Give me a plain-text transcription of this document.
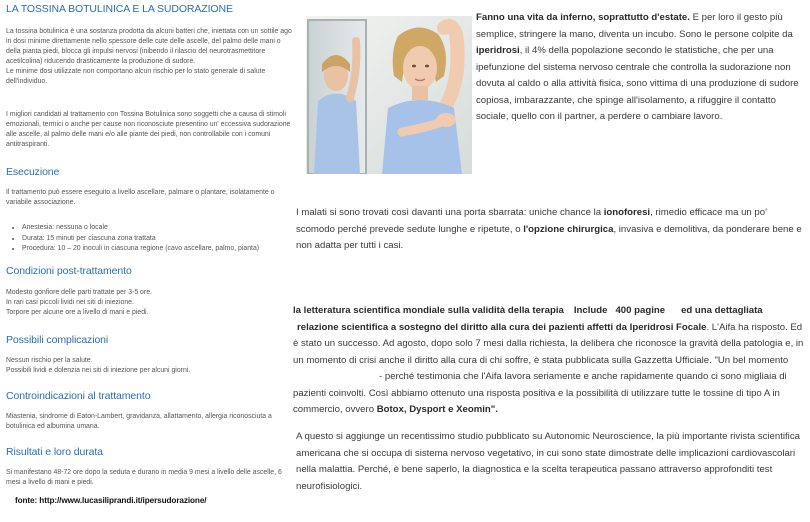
LA TOSSINA BOTULINICA E LA SUDORAZIONE
La tossina botulinica è una sostanza prodotta da alcuni batteri che, iniettata con un sottile ago
in dosi minime direttamente nello spessore delle cute delle ascelle, del palmo delle mani o
della pianta piedi, blocca gli impulsi nervosi (inibendo il rilascio del neurotrasmettitore
acetilcolina) riducendo drasticamente la produzione di sudore.
Le minime dosi utilizzate non comportano alcun rischio per lo stato generale di salute
dell'individuo.
I migliori candidati al trattamento con Tossina Botulinica sono soggetti che a causa di stimoli
emozionali, termici o anche per cause non riconosciute presentino un' eccessiva sudorazione
alle ascelle, al palmo delle mani e/o alle piante dei piedi, non controllabile con i comuni
antitraspiranti.
Esecuzione
Il trattamento può essere eseguito a livello ascellare, palmare o plantare, isolatamente o
variabile associazione.
• Anestesia: nessuna o locale
• Durata: 15 minuti per ciascuna zona trattata
• Procedura: 10 – 20 inoculi in ciascuna regione (cavo ascellare, palmo, pianta)
Condizioni post-trattamento
Modesto gonfiore delle parti trattate per 3-5 ore.
In rari casi piccoli lividi nei siti di iniezione.
Torpore per alcune ore a livello di mani e piedi.
Possibili complicazioni
Nessun rischio per la salute.
Possibili lividi e dolenzia nei siti di iniezione per alcuni giorni.
Controindicazioni al trattamento
Miastenia, sindrome di Eaton-Lambert, gravidanza, allattamento, allergia riconosciuta a
botulinica ed albumina umana.
Risultati e loro durata
Si manifestano 48-72 ore dopo la seduta e durano in media 9 mesi a livello delle ascelle, 6
mesi a livello di mani e piedi.
fonte: http://www.lucasiliprandi.it/ipersudorazione/

Fanno una vita da inferno, soprattutto d'estate. E per loro il gesto più semplice, stringere la mano, diventa un incubo. Sono le persone colpite da iperidrosi, il 4% della popolazione secondo le statistiche, che per una ipefunzione del sistema nervoso centrale che controlla la sudorazione non dovuta al caldo o alla attività fisica, sono vittima di una produzione di sudore copiosa, imbarazzante, che spinge all'isolamento, a rifuggire il contatto sociale, quello con il partner, a perdere o cambiare lavoro.

I malati si sono trovati così davanti una porta sbarrata: uniche chance la ionoforesi, rimedio efficace ma un po' scomodo perché prevede sedute lunghe e ripetute, o l'opzione chirurgica, invasiva e demolitiva, da ponderare bene e non adatta per tutti i casi.

la letteratura scientifica mondiale sulla validità della terapia Include 400 pagine ed una dettagliata
relazione scientifica a sostegno del diritto alla cura dei pazienti affetti da Iperidrosi Focale. L'Aifa ha risposto. Ed è stato un successo. Ad agosto, dopo solo 7 mesi dalla richiesta, la delibera che riconosce la gravità della patologia e, in un momento di crisi anche il diritto alla cura di chi soffre, è stata pubblicata sulla Gazzetta Ufficiale. "Un bel momento- perché testimonia che l'Aifa lavora seriamente e anche rapidamente quando ci sono migliaia di pazienti coinvolti. Così abbiamo ottenuto una risposta positiva e la possibilità di utilizzare tutte le tossine di tipo A in commercio, ovvero Botox, Dysport e Xeomin".

A questo si aggiunge un recentissimo studio pubblicato su Autonomic Neuroscience, la più importante rivista scientifica americana che si occupa di sistema nervoso vegetativo, in cui sono state dimostrate delle implicazioni cardiovascolari nella malattia. Perché, è bene saperlo, la diagnostica e la scelta terapeutica passano attraverso approfonditi test neurofisiologici.
